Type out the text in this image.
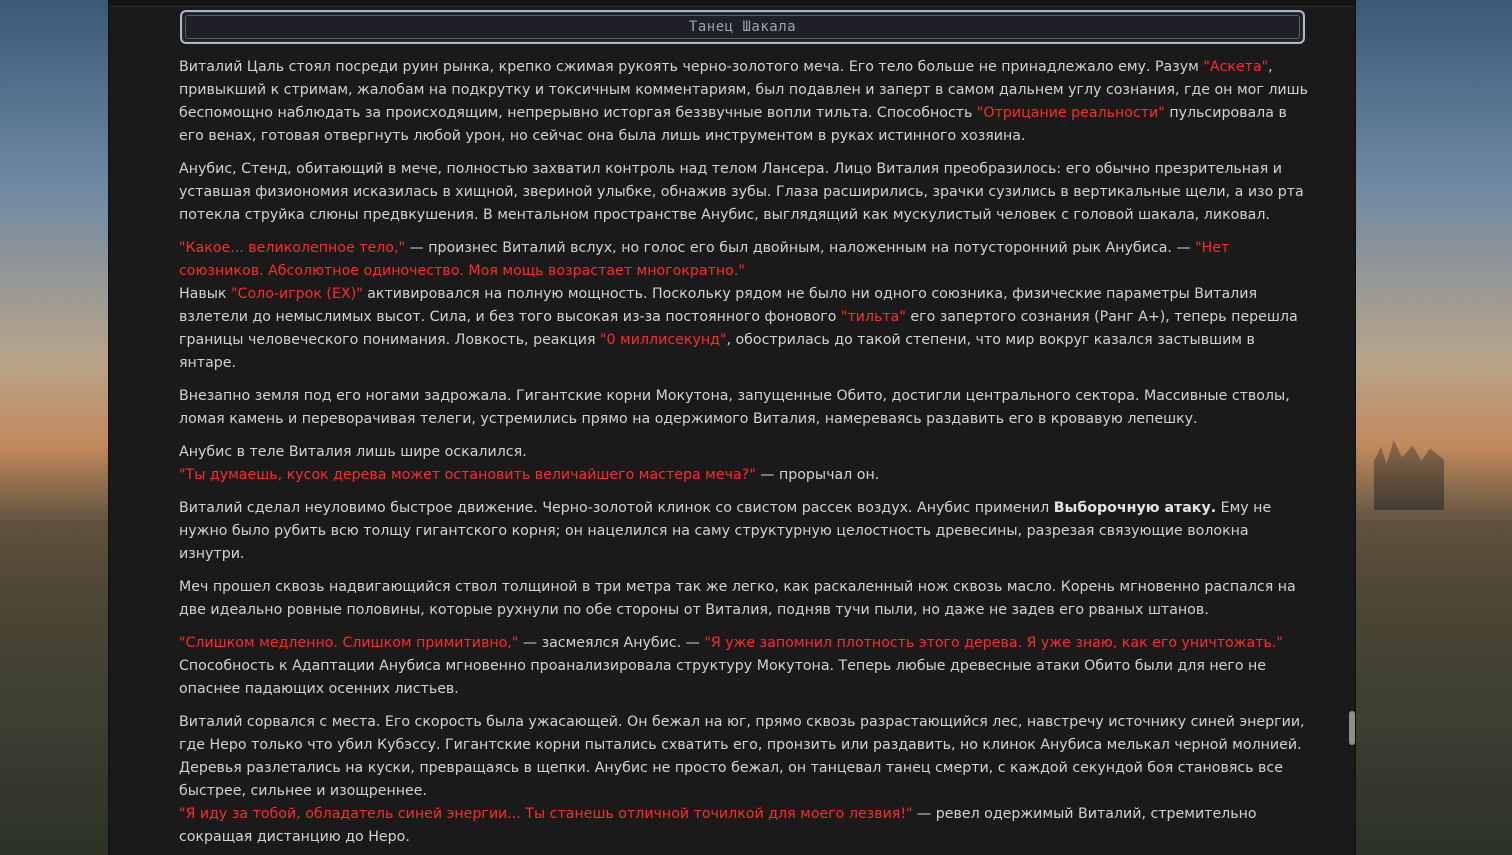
Танец Шакала

Виталий Цаль стоял посреди руин рынка, крепко сжимая рукоять черно-золотого меча. Его тело больше не принадлежало ему. Разум "Аскета", привыкший к стримам, жалобам на подкрутку и токсичным комментариям, был подавлен и заперт в самом дальнем углу сознания, где он мог лишь беспомощно наблюдать за происходящим, непрерывно исторгая беззвучные вопли тильта. Способность "Отрицание реальности" пульсировала в его венах, готовая отвергнуть любой урон, но сейчас она была лишь инструментом в руках истинного хозяина.

Анубис, Стенд, обитающий в мече, полностью захватил контроль над телом Лансера. Лицо Виталия преобразилось: его обычно презрительная и уставшая физиономия исказилась в хищной, звериной улыбке, обнажив зубы. Глаза расширились, зрачки сузились в вертикальные щели, а изо рта потекла струйка слюны предвкушения. В ментальном пространстве Анубис, выглядящий как мускулистый человек с головой шакала, ликовал.

"Какое... великолепное тело," — произнес Виталий вслух, но голос его был двойным, наложенным на потусторонний рык Анубиса. — "Нет союзников. Абсолютное одиночество. Моя мощь возрастает многократно."
Навык "Соло-игрок (EX)" активировался на полную мощность. Поскольку рядом не было ни одного союзника, физические параметры Виталия взлетели до немыслимых высот. Сила, и без того высокая из-за постоянного фонового "тильта" его запертого сознания (Ранг A+), теперь перешла границы человеческого понимания. Ловкость, реакция "0 миллисекунд", обострилась до такой степени, что мир вокруг казался застывшим в янтаре.

Внезапно земля под его ногами задрожала. Гигантские корни Мокутона, запущенные Обито, достигли центрального сектора. Массивные стволы, ломая камень и переворачивая телеги, устремились прямо на одержимого Виталия, намереваясь раздавить его в кровавую лепешку.

Анубис в теле Виталия лишь шире оскалился.
"Ты думаешь, кусок дерева может остановить величайшего мастера меча?" — прорычал он.

Виталий сделал неуловимо быстрое движение. Черно-золотой клинок со свистом рассек воздух. Анубис применил Выборочную атаку. Ему не нужно было рубить всю толщу гигантского корня; он нацелился на саму структурную целостность древесины, разрезая связующие волокна изнутри.

Меч прошел сквозь надвигающийся ствол толщиной в три метра так же легко, как раскаленный нож сквозь масло. Корень мгновенно распался на две идеально ровные половины, которые рухнули по обе стороны от Виталия, подняв тучи пыли, но даже не задев его рваных штанов.

"Слишком медленно. Слишком примитивно," — засмеялся Анубис. — "Я уже запомнил плотность этого дерева. Я уже знаю, как его уничтожать."
Способность к Адаптации Анубиса мгновенно проанализировала структуру Мокутона. Теперь любые древесные атаки Обито были для него не опаснее падающих осенних листьев.

Виталий сорвался с места. Его скорость была ужасающей. Он бежал на юг, прямо сквозь разрастающийся лес, навстречу источнику синей энергии, где Неро только что убил Кубэссу. Гигантские корни пытались схватить его, пронзить или раздавить, но клинок Анубиса мелькал черной молнией. Деревья разлетались на куски, превращаясь в щепки. Анубис не просто бежал, он танцевал танец смерти, с каждой секундой боя становясь все быстрее, сильнее и изощреннее.
"Я иду за тобой, обладатель синей энергии... Ты станешь отличной точилкой для моего лезвия!" — ревел одержимый Виталий, стремительно сокращая дистанцию до Неро.
